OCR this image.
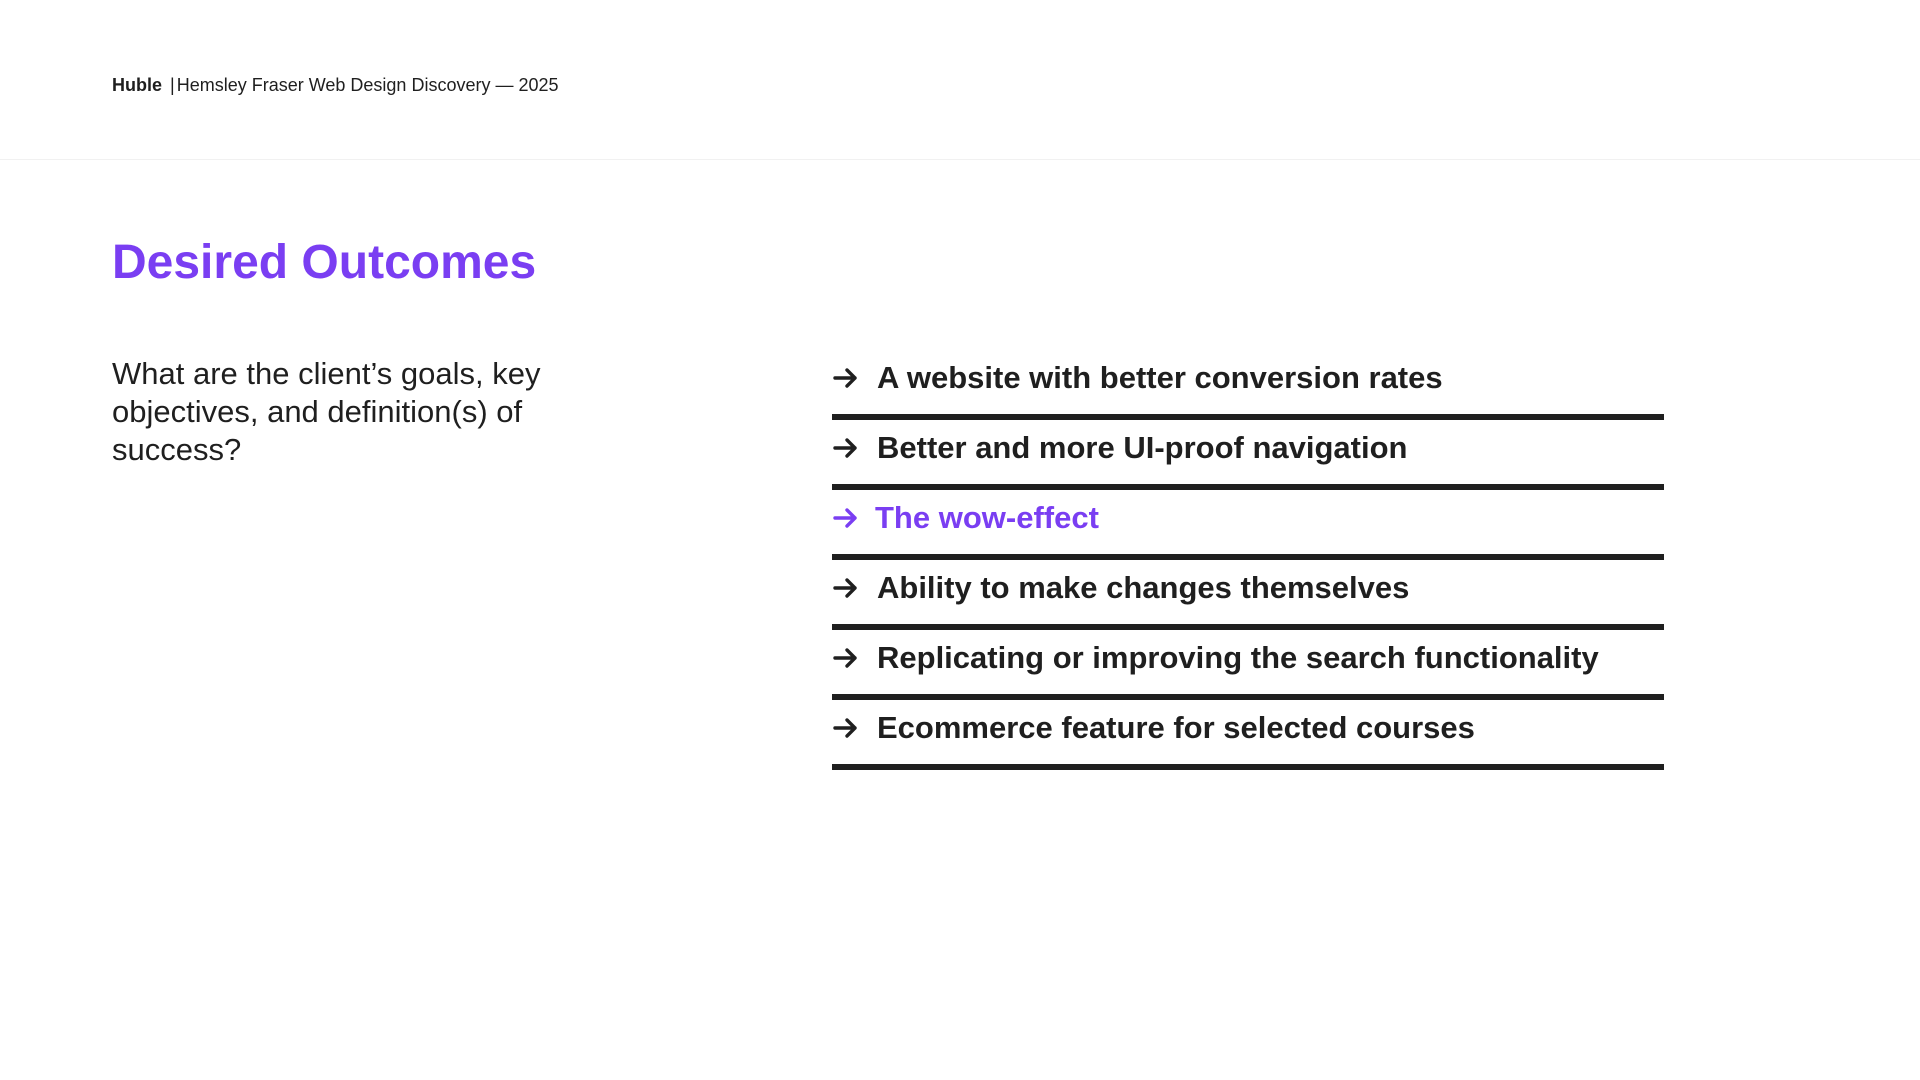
Huble | Hemsley Fraser Web Design Discovery — 2025
Desired Outcomes

What are the client’s goals, key objectives, and definition(s) of success?

A website with better conversion rates
Better and more UI-proof navigation
The wow-effect
Ability to make changes themselves
Replicating or improving the search functionality
Ecommerce feature for selected courses
